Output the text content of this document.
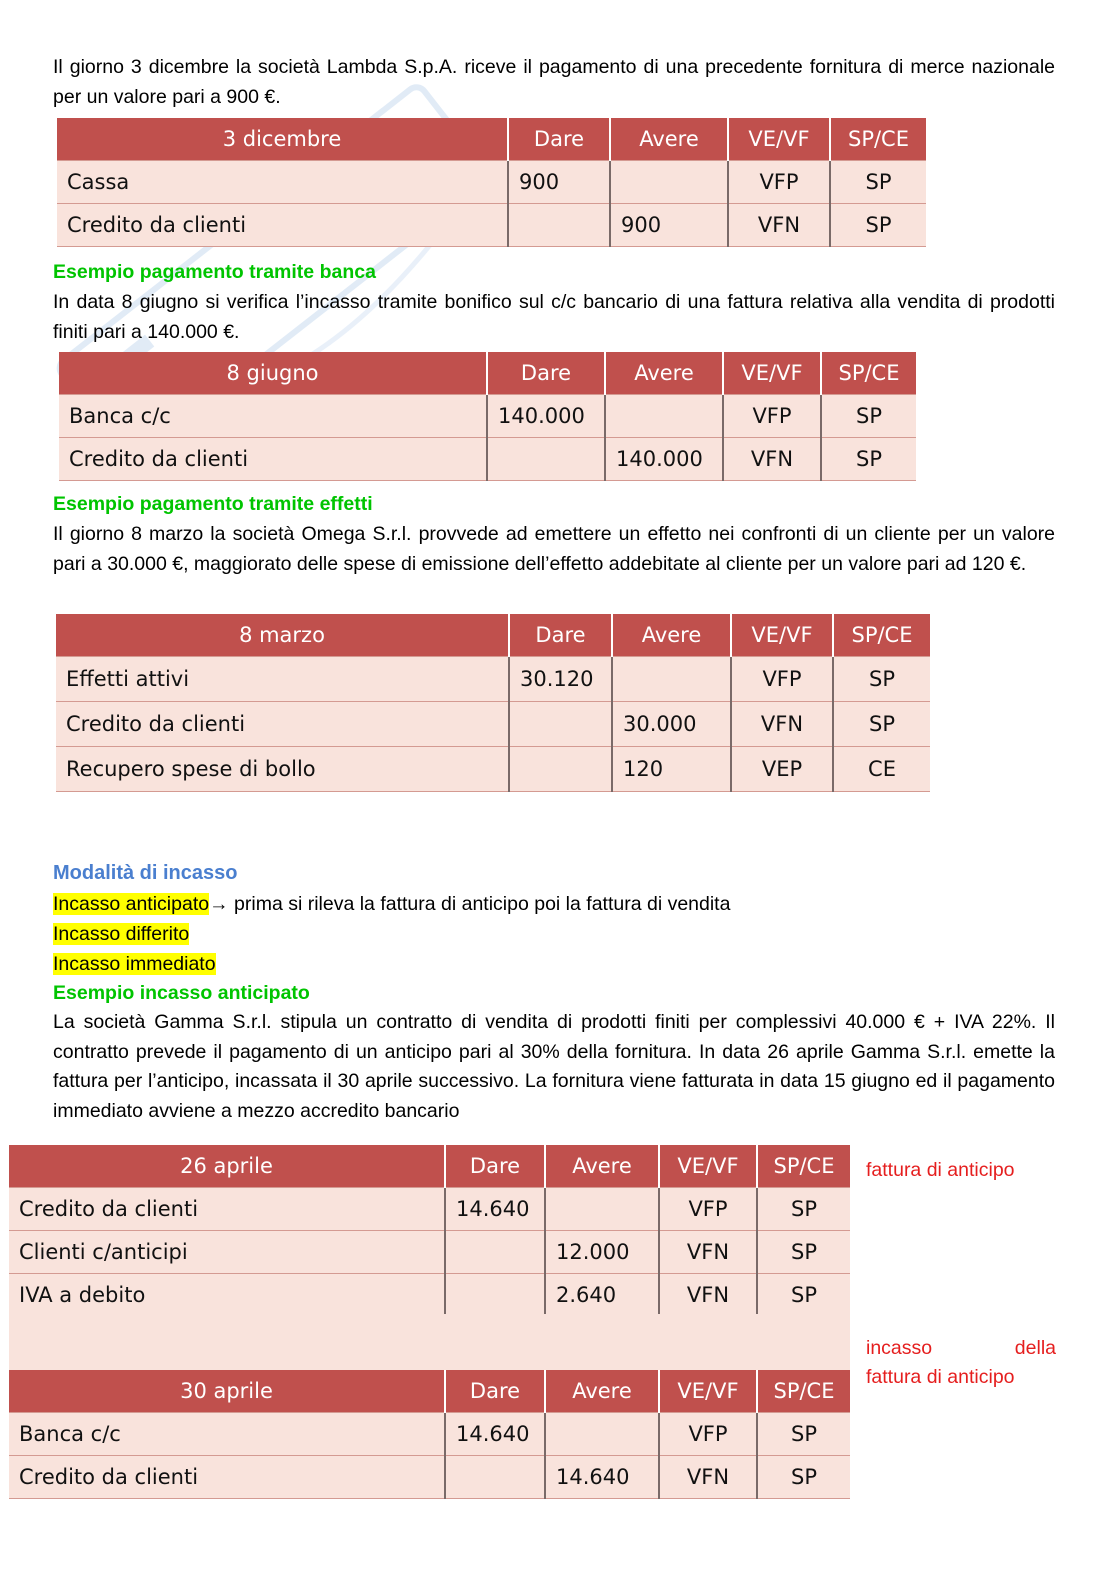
Il giorno 3 dicembre la società Lambda S.p.A. riceve il pagamento di una precedente fornitura di merce nazionale per un valore pari a 900 €.
3 dicembre	Dare	Avere	VE/VF	SP/CE
Cassa	900		VFP	SP
Credito da clienti		900	VFN	SP
Esempio pagamento tramite banca
In data 8 giugno si verifica l’incasso tramite bonifico sul c/c bancario di una fattura relativa alla vendita di prodotti finiti pari a 140.000 €.
8 giugno	Dare	Avere	VE/VF	SP/CE
Banca c/c	140.000		VFP	SP
Credito da clienti		140.000	VFN	SP
Esempio pagamento tramite effetti
Il giorno 8 marzo la società Omega S.r.l. provvede ad emettere un effetto nei confronti di un cliente per un valore pari a 30.000 €, maggiorato delle spese di emissione dell’effetto addebitate al cliente per un valore pari ad 120 €.
8 marzo	Dare	Avere	VE/VF	SP/CE
Effetti attivi	30.120		VFP	SP
Credito da clienti		30.000	VFN	SP
Recupero spese di bollo		120	VEP	CE
Modalità di incasso
Incasso anticipato→ prima si rileva la fattura di anticipo poi la fattura di vendita
Incasso differito
Incasso immediato
Esempio incasso anticipato
La società Gamma S.r.l. stipula un contratto di vendita di prodotti finiti per complessivi 40.000 € + IVA 22%. Il contratto prevede il pagamento di un anticipo pari al 30% della fornitura. In data 26 aprile Gamma S.r.l. emette la fattura per l’anticipo, incassata il 30 aprile successivo. La fornitura viene fatturata in data 15 giugno ed il pagamento immediato avviene a mezzo accredito bancario
26 aprile	Dare	Avere	VE/VF	SP/CE
Credito da clienti	14.640		VFP	SP
Clienti c/anticipi		12.000	VFN	SP
IVA a debito		2.640	VFN	SP
fattura di anticipo
30 aprile	Dare	Avere	VE/VF	SP/CE
Banca c/c	14.640		VFP	SP
Credito da clienti		14.640	VFN	SP
incasso della
fattura di anticipo
